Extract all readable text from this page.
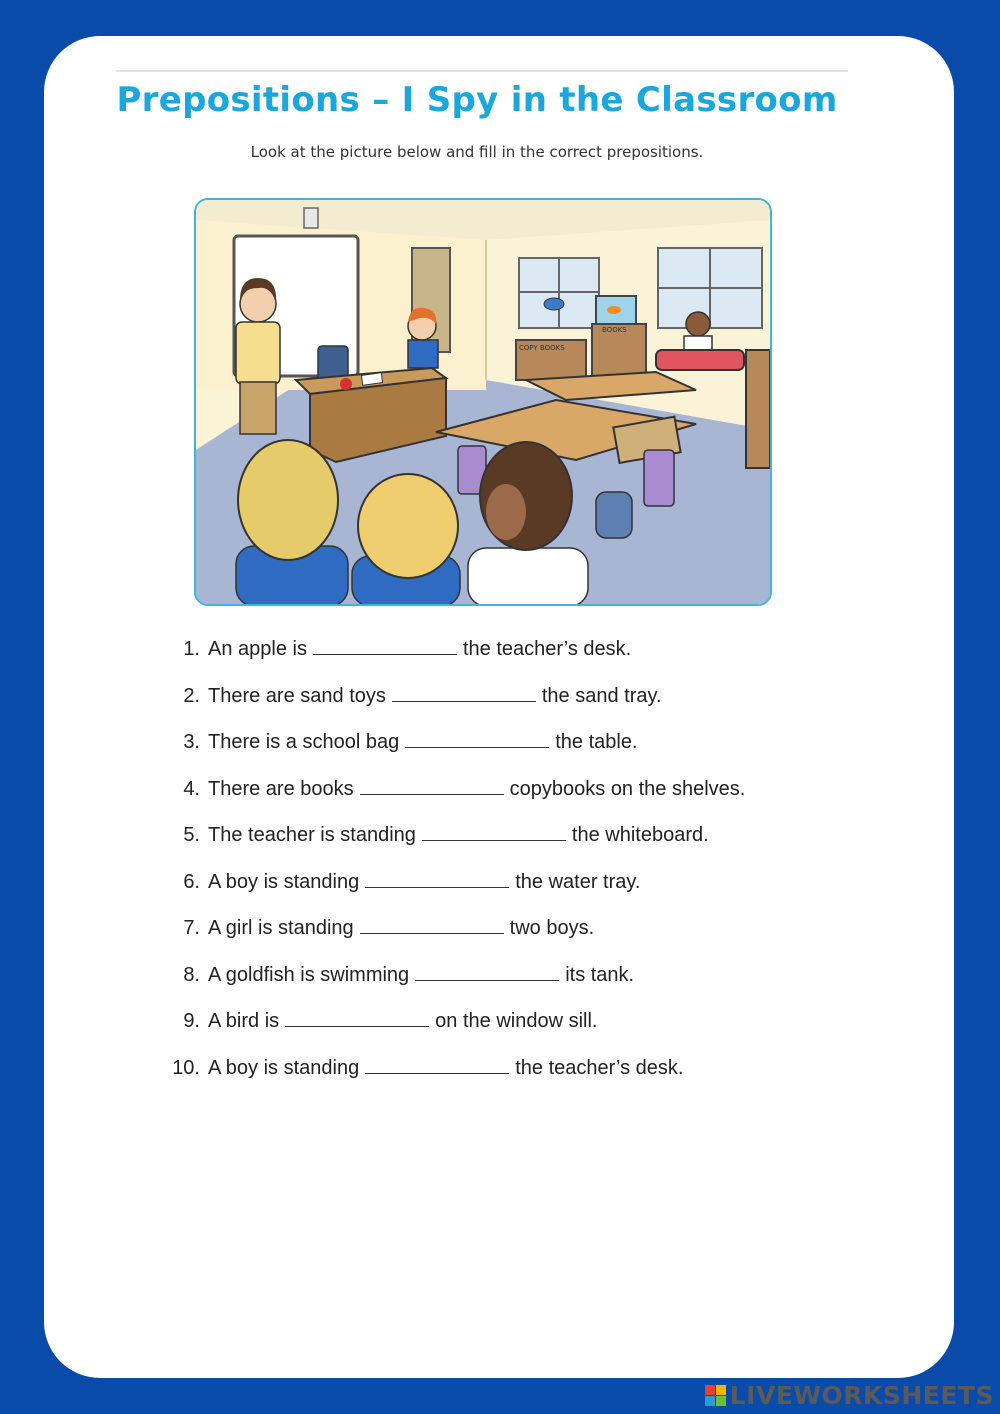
Prepositions – I Spy in the Classroom
Look at the picture below and fill in the correct prepositions.
COPY BOOKS
BOOKS
1. An apple is	the teacher’s desk.
2. There are sand toys	the sand tray.
3. There is a school bag	the table.
4. There are books	copybooks on the shelves.
5. The teacher is standing	the whiteboard.
6. A boy is standing	the water tray.
7. A girl is standing	two boys.
8. A goldfish is swimming	its tank.
9. A bird is	on the window sill.
10. A boy is standing	the teacher’s desk.
LIVEWORKSHEETS
